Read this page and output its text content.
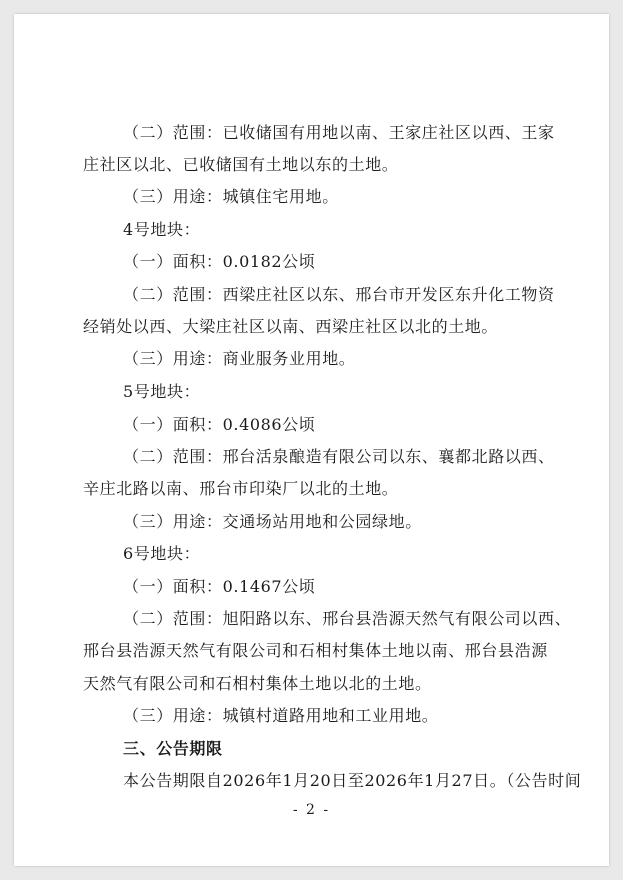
（二）范围：已收储国有用地以南、王家庄社区以西、王家
庄社区以北、已收储国有土地以东的土地。
（三）用途：城镇住宅用地。
4号地块：
（一）面积：0.0182公顷
（二）范围：西梁庄社区以东、邢台市开发区东升化工物资
经销处以西、大梁庄社区以南、西梁庄社区以北的土地。
（三）用途：商业服务业用地。
5号地块：
（一）面积：0.4086公顷
（二）范围：邢台活泉酿造有限公司以东、襄都北路以西、
辛庄北路以南、邢台市印染厂以北的土地。
（三）用途：交通场站用地和公园绿地。
6号地块：
（一）面积：0.1467公顷
（二）范围：旭阳路以东、邢台县浩源天然气有限公司以西、
邢台县浩源天然气有限公司和石相村集体土地以南、邢台县浩源
天然气有限公司和石相村集体土地以北的土地。
（三）用途：城镇村道路用地和工业用地。
三、公告期限
本公告期限自2026年1月20日至2026年1月27日。（公告时间
- 2 -
